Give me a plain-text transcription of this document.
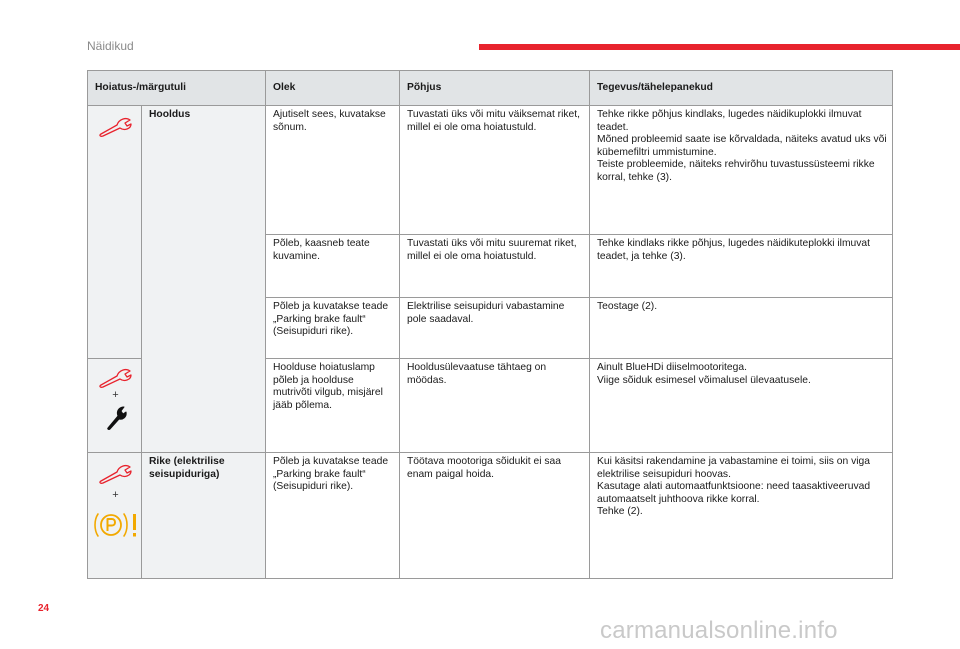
Näidikud
Hoiatus-/märgutuli		Olek	Põhjus	Tegevus/tähelepanekud

	Hooldus	Ajutiselt sees, kuvatakse sõnum.	Tuvastati üks või mitu väiksemat riket, millel ei ole oma hoiatustuld.	Tehke rikke põhjus kindlaks, lugedes näidikuplokki ilmuvat teadet.
Mõned probleemid saate ise kõrvaldada, näiteks avatud uks või kübemefiltri ummistumine.
Teiste probleemide, näiteks rehvirõhu tuvastussüsteemi rikke korral, tehke (3).

		Põleb, kaasneb teate kuvamine.	Tuvastati üks või mitu suuremat riket, millel ei ole oma hoiatustuld.	Tehke kindlaks rikke põhjus, lugedes näidikuteplokki ilmuvat teadet, ja tehke (3).

		Põleb ja kuvatakse teade „Parking brake fault“ (Seisupiduri rike).	Elektrilise seisupiduri vabastamine pole saadaval.	Teostage (2).

+		Hoolduse hoiatuslamp põleb ja hoolduse mutrivõti vilgub, misjärel jääb põlema.	Hooldusülevaatuse tähtaeg on möödas.	Ainult BlueHDi diiselmootoritega.
Viige sõiduk esimesel võimalusel ülevaatusele.

+	Rike (elektrilise seisupiduriga)	Põleb ja kuvatakse teade „Parking brake fault“ (Seisupiduri rike).	Töötava mootoriga sõidukit ei saa enam paigal hoida.	Kui käsitsi rakendamine ja vabastamine ei toimi, siis on viga elektrilise seisupiduri hoovas.
Kasutage alati automaatfunktsioone: need taasaktiveeruvad automaatselt juhthoova rikke korral.
Tehke (2).
24
carmanualsonline.info
